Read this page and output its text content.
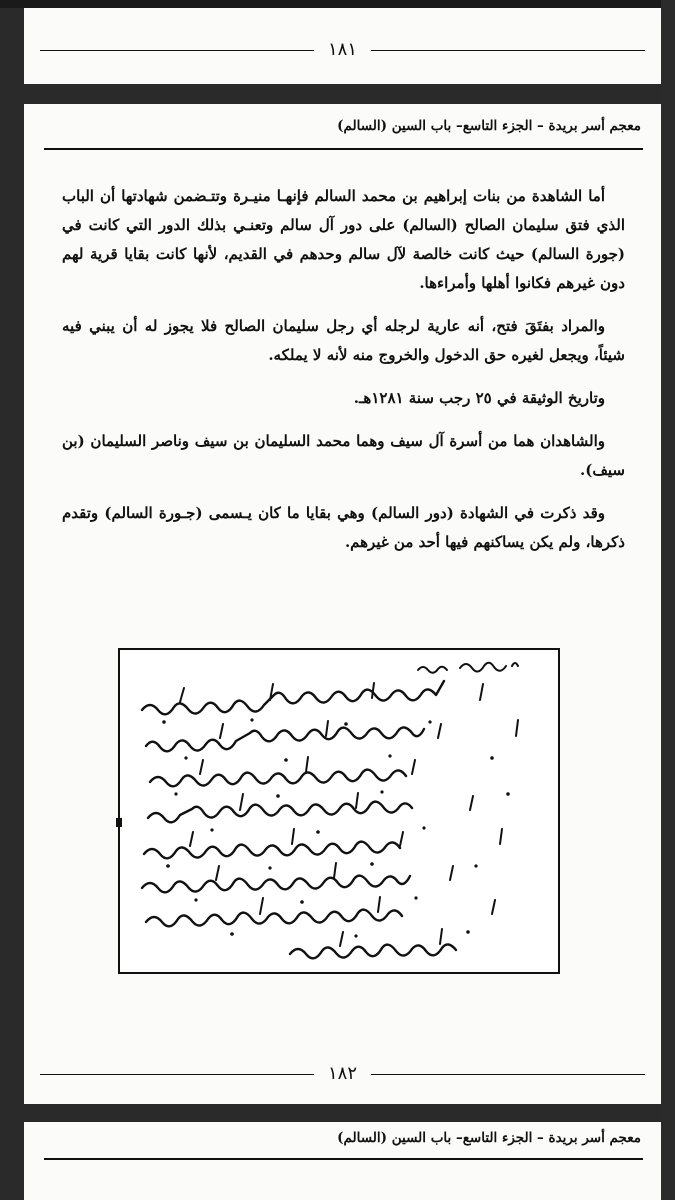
١٨١
معجم أسر بريدة – الجزء التاسع– باب السين (السالم)

أما الشاهدة من بنات إبراهيم بن محمد السالم فإنهـا منيـرة وتتـضمن شهادتها أن الباب الذي فتق سليمان الصالح (السالم) على دور آل سالم وتعنـي بذلك الدور التي كانت في (جورة السالم) حيث كانت خالصة لآل سالم وحدهم في القديم، لأنها كانت بقايا قرية لهم دون غيرهم فكانوا أهلها وأمراءها.

والمراد بفتَقَ فتح، أنه عارية لرجله أي رجل سليمان الصالح فلا يجوز له أن يبني فيه شيئاً، ويجعل لغيره حق الدخول والخروج منه لأنه لا يملكه.

وتاريخ الوثيقة في ٢٥ رجب سنة ١٢٨١هـ.

والشاهدان هما من أسرة آل سيف وهما محمد السليمان بن سيف وناصر السليمان (بن سيف).

وقد ذكرت في الشهادة (دور السالم) وهي بقايا ما كان يـسمى (جـورة السالم) وتقدم ذكرها، ولم يكن يساكنهم فيها أحد من غيرهم.

١٨٢
معجم أسر بريدة – الجزء التاسع– باب السين (السالم)
